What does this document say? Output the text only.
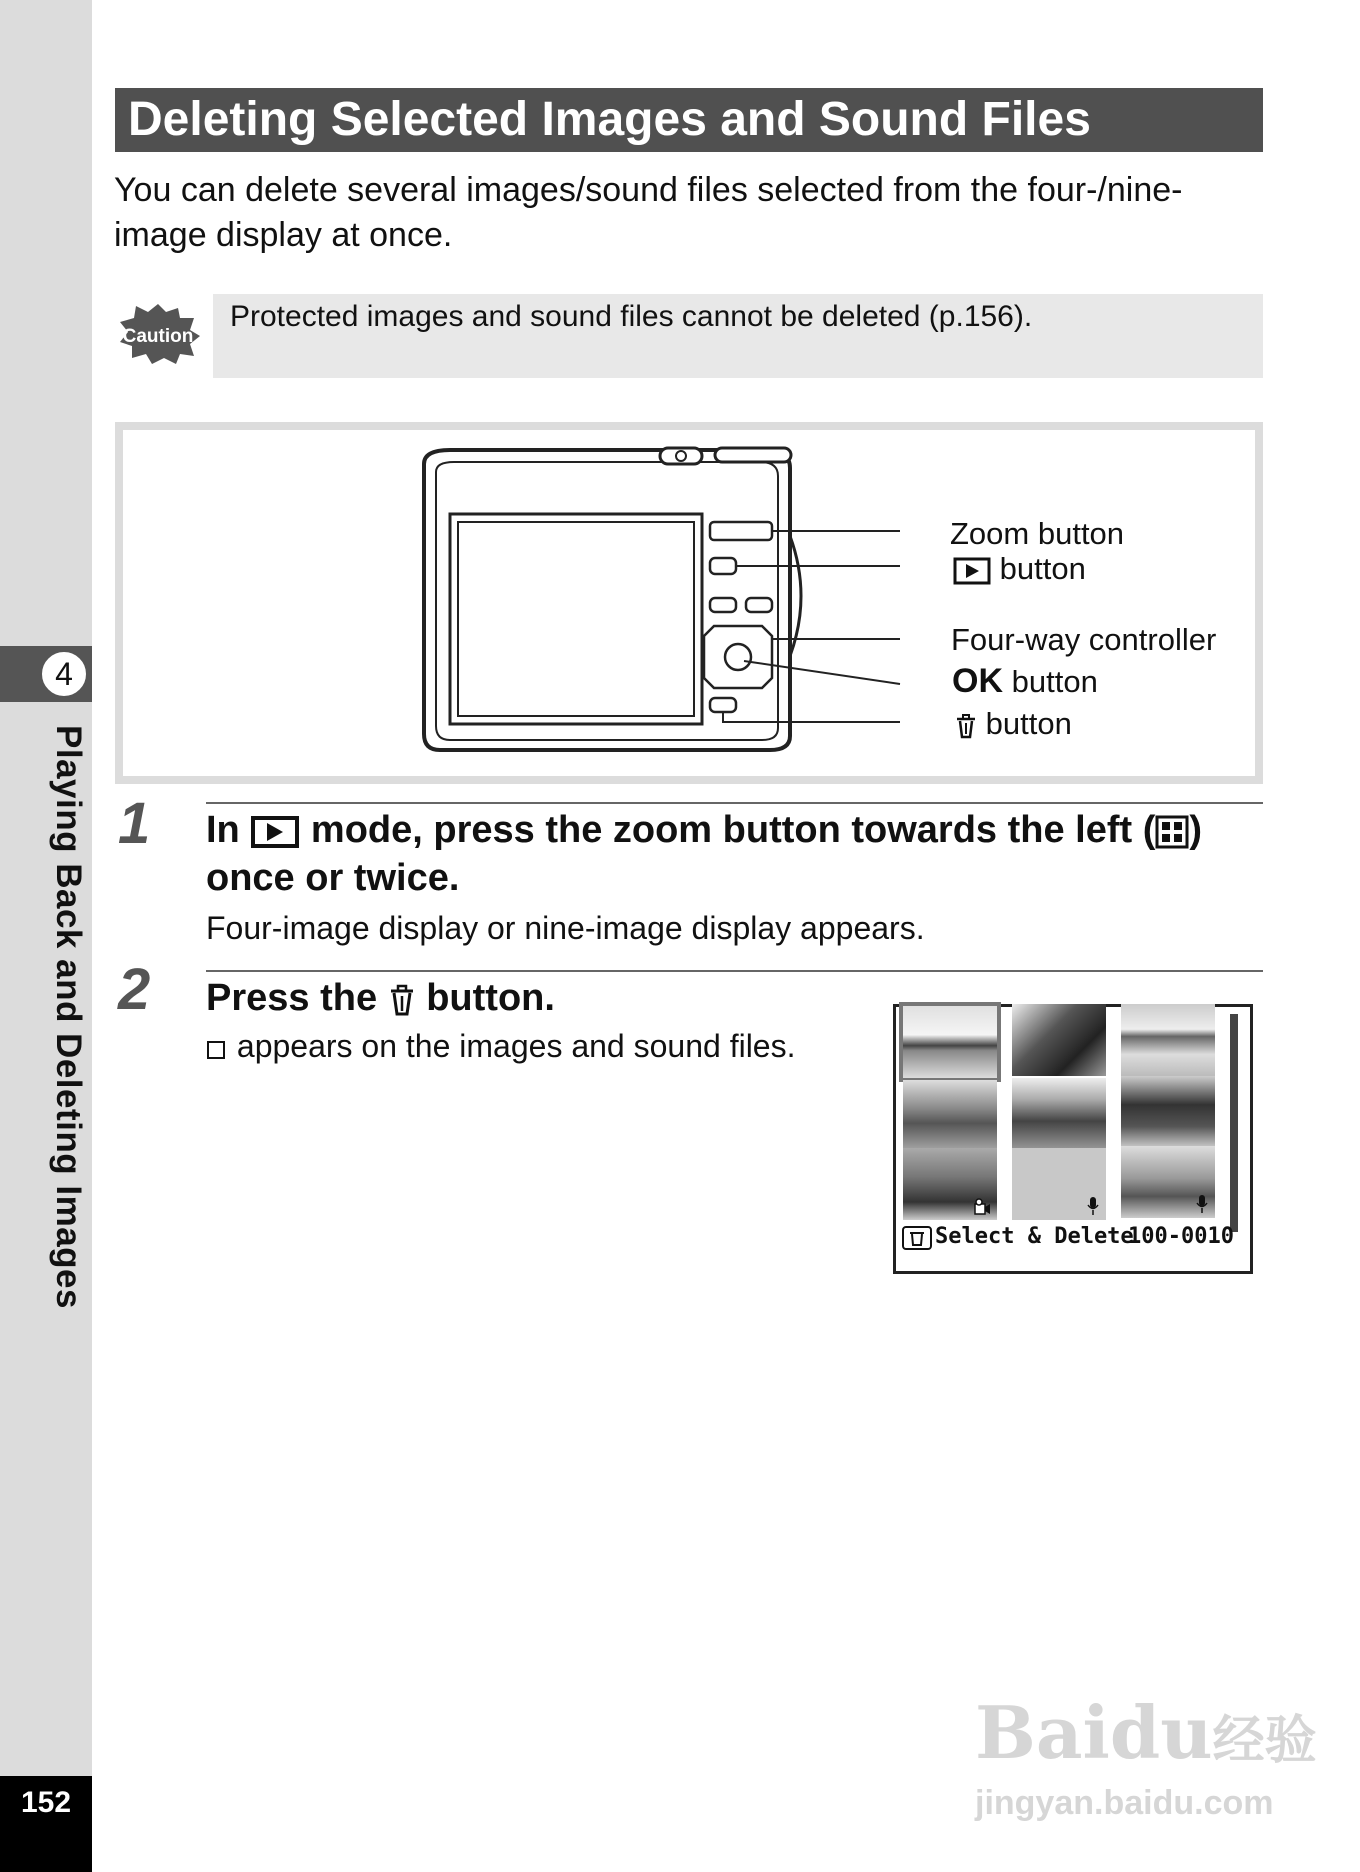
4
Playing Back and Deleting Images
152
Deleting Selected Images and Sound Files
You can delete several images/sound files selected from the four-/nine-
image display at once.
Caution
Protected images and sound files cannot be deleted (p.156).
Zoom button
button
Four-way controller
OK button
button
1 In mode, press the zoom button towards the left ( )
once or twice.
Four-image display or nine-image display appears.
2 Press the button.
appears on the images and sound files.
Select & Delete
100-0010
Baidu经验
jingyan.baidu.com
